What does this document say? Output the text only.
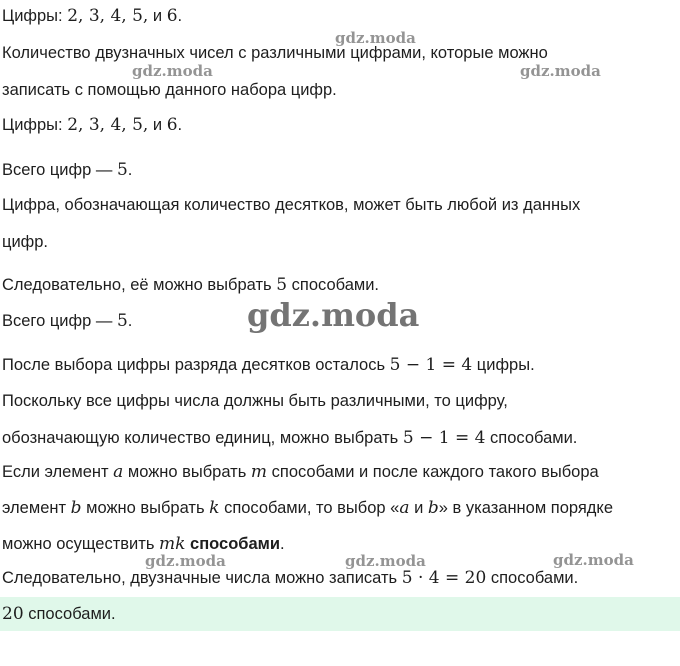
Цифры: 2, 3, 4, 5, и 6.
Количество двузначных чисел с различными цифрами, которые можно
записать с помощью данного набора цифр.
Цифры: 2, 3, 4, 5, и 6.
Всего цифр — 5.
Цифра, обозначающая количество десятков, может быть любой из данных
цифр.
Следовательно, её можно выбрать 5 способами.
Всего цифр — 5.
После выбора цифры разряда десятков осталось 5 − 1 = 4 цифры.
Поскольку все цифры числа должны быть различными, то цифру,
обозначающую количество единиц, можно выбрать 5 − 1 = 4 способами.
Если элемент a можно выбрать m способами и после каждого такого выбора
элемент b можно выбрать k способами, то выбор «a и b» в указанном порядке
можно осуществить mk способами.
Следовательно, двузначные числа можно записать 5 · 4 = 20 способами.
20 способами.
gdz.moda
gdz.moda	gdz.moda
gdz.moda
gdz.moda	gdz.moda	gdz.moda
